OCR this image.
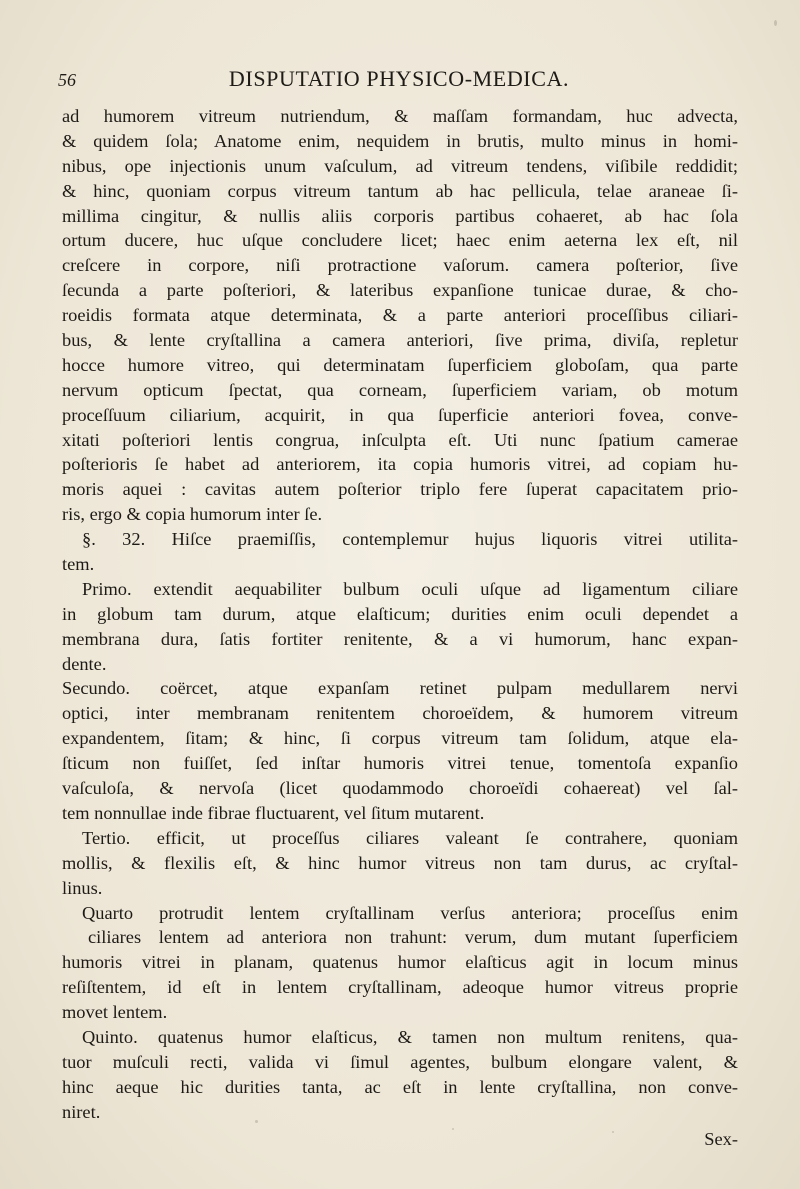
56	DISPUTATIO PHYSICO-MEDICA.
ad humorem vitreum nutriendum, & maſſam formandam, huc advecta,
& quidem ſola; Anatome enim, nequidem in brutis, multo minus in homi-
nibus, ope injectionis unum vaſculum, ad vitreum tendens, viſibile reddidit;
& hinc, quoniam corpus vitreum tantum ab hac pellicula, telae araneae ſi-
millima cingitur, & nullis aliis corporis partibus cohaeret, ab hac ſola
ortum ducere, huc uſque concludere licet; haec enim aeterna lex eſt, nil
creſcere in corpore, niſi protractione vaſorum. camera poſterior, ſive
ſecunda a parte poſteriori, & lateribus expanſione tunicae durae, & cho-
roeidis formata atque determinata, & a parte anteriori proceſſibus ciliari-
bus, & lente cryſtallina a camera anteriori, ſive prima, diviſa, repletur
hocce humore vitreo, qui determinatam ſuperficiem globoſam, qua parte
nervum opticum ſpectat, qua corneam, ſuperficiem variam, ob motum
proceſſuum ciliarium, acquirit, in qua ſuperficie anteriori fovea, conve-
xitati poſteriori lentis congrua, inſculpta eſt. Uti nunc ſpatium camerae
poſterioris ſe habet ad anteriorem, ita copia humoris vitrei, ad copiam hu-
moris aquei : cavitas autem poſterior triplo fere ſuperat capacitatem prio-
ris, ergo & copia humorum inter ſe.
§. 32. Hiſce praemiſſis, contemplemur hujus liquoris vitrei utilita-
tem.
Primo. extendit aequabiliter bulbum oculi uſque ad ligamentum ciliare
in globum tam durum, atque elaſticum; durities enim oculi dependet a
membrana dura, ſatis fortiter renitente, & a vi humorum, hanc expan-
dente.
Secundo. coërcet, atque expanſam retinet pulpam medullarem nervi
optici, inter membranam renitentem choroeïdem, & humorem vitreum
expandentem, ſitam; & hinc, ſi corpus vitreum tam ſolidum, atque ela-
ſticum non fuiſſet, ſed inſtar humoris vitrei tenue, tomentoſa expanſio
vaſculoſa, & nervoſa (licet quodammodo choroeïdi cohaereat) vel ſal-
tem nonnullae inde fibrae fluctuarent, vel ſitum mutarent.
Tertio. efficit, ut proceſſus ciliares valeant ſe contrahere, quoniam
mollis, & flexilis eſt, & hinc humor vitreus non tam durus, ac cryſtal-
linus.
Quarto protrudit lentem cryſtallinam verſus anteriora; proceſſus enim
ciliares lentem ad anteriora non trahunt: verum, dum mutant ſuperficiem
humoris vitrei in planam, quatenus humor elaſticus agit in locum minus
reſiſtentem, id eſt in lentem cryſtallinam, adeoque humor vitreus proprie
movet lentem.
Quinto. quatenus humor elaſticus, & tamen non multum renitens, qua-
tuor muſculi recti, valida vi ſimul agentes, bulbum elongare valent, &
hinc aeque hic durities tanta, ac eſt in lente cryſtallina, non conve-
niret.
Sex-
